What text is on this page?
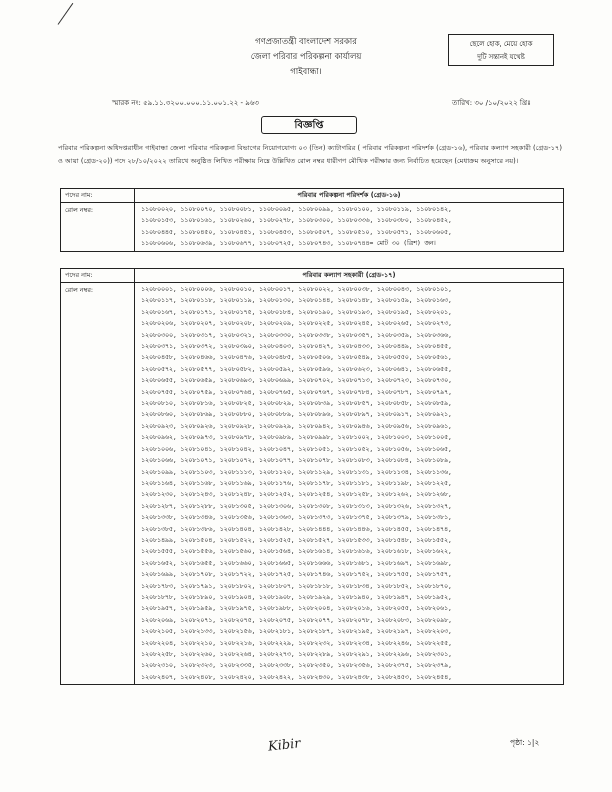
গণপ্রজাতন্ত্রী বাংলাদেশ সরকার
জেলা পরিবার পরিকল্পনা কার্যালয়
গাইবান্ধা।
ছেলে হোক, মেয়ে হোক
দুটি সন্তানই যথেষ্ট
স্মারক নং: ৫৯.১১.৩২০০.০০০.১১.০০১.২২ - ৯৬৩	তারিখ: ৩০ /১০/২০২২ খ্রিঃ
বিজ্ঞপ্তি
পরিবার পরিকল্পনা অধিদপ্তরাধীন গাইবান্ধা জেলা পরিবার পরিকল্পনা বিভাগের নিয়োগযোগ্য ০৩ (তিন) ক্যাটাগরির ( পরিবার পরিকল্পনা পরিদর্শক (গ্রেড-১৬), পরিবার কল্যাণ সহকারী (গ্রেড-১৭) ও আয়া (গ্রেড-২০)) পদে ২৮/১০/২০২২ তারিখে অনুষ্ঠিত লিখিত পরীক্ষায় নিম্নে উল্লিখিত রোল নম্বর ধারীগণ মৌখিক পরীক্ষার জন্য নির্বাচিত হয়েছেন (মেধাক্রম অনুসারে নয়)।
পদের নাম:	পরিবার পরিকল্পনা পরিদর্শক (গ্রেড-১৬)
রোল নম্বর:	১১০৮০০২০, ১১০৮০০৭০, ১১০৮০০৮১, ১১০৮০০৯৫, ১১০৮০০৯৯, ১১০৮০১০০, ১১০৮০১১৯, ১১০৮০১৪২,
১১০৮০১৫৩, ১১০৮০১৬১, ১১০৮০২৬০, ১১০৮০২৭৮, ১১০৮০৩০০, ১১০৮০৩৩৬, ১১০৮০৩৮০, ১১০৮০৪৫২,
১১০৮০৪৪৫, ১১০৮০৪৫০, ১১০৮০৪৫১, ১১০৮০৪৫৩, ১১০৮০৫০৭, ১১০৮০৫১০, ১১০৮০৫৭১, ১১০৮০৬০৫,
১১০৮০৬০৬, ১১০৮০৬৩৯, ১১০৮০৬৭৭, ১১০৮০৭২৫, ১১০৮০৭৪৩, ১১০৮০৭৪৪= মোট ৩০ (ত্রিশ) জন।
পদের নাম:	পরিবার কল্যাণ সহকারী (গ্রেড-১৭)
রোল নম্বর:	১২০৮০০০১, ১২০৮০০০৬, ১২০৮০০১০, ১২০৮০০১৭, ১২০৮০০২২, ১২০৮০০৩৮, ১২০৮০০৪৩, ১২০৮০১০১,
১২০৮০১১৭, ১২০৮০১১৮, ১২০৮০১১৯, ১২০৮০১৩০, ১২০৮০১৪৪, ১২০৮০১৪৮, ১২০৮০১৫৯, ১২০৮০১৬৩,
১২০৮০১৬৭, ১২০৮০১৭১, ১২০৮০১৭৫, ১২০৮০১৮৪, ১২০৮০১৯০, ১২০৮০১৯৩, ১২০৮০১৯৫, ১২০৮০২০১,
১২০৮০২০৬, ১২০৮০২০৭, ১২০৮০২০৮, ১২০৮০২০৯, ১২০৮০২২৫, ১২০৮০২৪৫, ১২০৮০২৬৫, ১২০৮০২৭৩,
১২০৮০৩০০, ১২০৮০৩১৭, ১২০৮০৩২১, ১২০৮০৩৩০, ১২০৮০৩৩৮, ১২০৮০৩৫৭, ১২০৮০৩৫৯, ১২০৮০৩৬৬,
১২০৮০৩৭১, ১২০৮০৩৭২, ১২০৮০৩৯০, ১২০৮০৪০৩, ১২০৮০৪২৭, ১২০৮০৪৩৩, ১২০৮০৪৪৯, ১২০৮০৪৫৫,
১২০৮০৪৫৮, ১২০৮০৪৬৬, ১২০৮০৪৭৬, ১২০৮০৪৮৫, ১২০৮০৫০৬, ১২০৮০৫৪৯, ১২০৮০৫৫০, ১২০৮০৫৬১,
১২০৮০৫৭২, ১২০৮০৫৭৭, ১২০৮০৫৮২, ১২০৮০৫৯২, ১২০৮০৫৯৬, ১২০৮০৬২৩, ১২০৮০৬৪১, ১২০৮০৬৫৫,
১২০৮০৬৫৫, ১২০৮০৬৫৯, ১২০৮০৬৯৩, ১২০৮০৬৯৯, ১২০৮০৭০২, ১২০৮০৭১৩, ১২০৮০৭২৩, ১২০৮০৭৩০,
১২০৮০৭৫৫, ১২০৮০৭৫৯, ১২০৮০৭৬৪, ১২০৮০৭৬৫, ১২০৮০৭৬৭, ১২০৮০৭৮৪, ১২০৮০৭৮৭, ১২০৮০৭৯৭,
১২০৮০৮১০, ১২০৮০৮১৬, ১২০৮০৮২৫, ১২০৮০৮২৯, ১২০৮০৮৩৯, ১২০৮০৮৫৭, ১২০৮০৮৫৮, ১২০৮০৮৫৯,
১২০৮০৮৬০, ১২০৮০৮৬৯, ১২০৮০৮৮০, ১২০৮০৮৮৯, ১২০৮০৮৯৬, ১২০৮০৮৯৭, ১২০৮০৯১৭, ১২০৮০৯২১,
১২০৮০৯২৩, ১২০৮০৯২৬, ১২০৮০৯২৮, ১২০৮০৯২৯, ১২০৮০৯৪২, ১২০৮০৯৪৬, ১২০৮০৯৫৬, ১২০৮০৯৬১,
১২০৮০৯৬২, ১২০৮০৯৭৩, ১২০৮০৯৭৮, ১২০৮০৯৮৯, ১২০৮০৯৯৮, ১২০৮১০০২, ১২০৮১০০৩, ১২০৮১০০৫,
১২০৮১০০৬, ১২০৮১০৪১, ১২০৮১০৪২, ১২০৮১০৪৭, ১২০৮১০৫১, ১২০৮১০৫২, ১২০৮১০৫৬, ১২০৮১০৬৫,
১২০৮১০৬৬, ১২০৮১০৭১, ১২০৮১০৭২, ১২০৮১০৭৭, ১২০৮১০৭৮, ১২০৮১০৮৩, ১২০৮১০৮৪, ১২০৮১০৮৯,
১২০৮১০৯৯, ১২০৮১১০৩, ১২০৮১১১৩, ১২০৮১১২০, ১২০৮১১২৯, ১২০৮১১৩১, ১২০৮১১৩৪, ১২০৮১১৩৬,
১২০৮১১৬৪, ১২০৮১১৬৮, ১২০৮১১৬৯, ১২০৮১১৭৬, ১২০৮১১৭৮, ১২০৮১১৮১, ১২০৮১১৯৮, ১২০৮১২২৫,
১২০৮১২৩০, ১২০৮১২৪৩, ১২০৮১২৪৮, ১২০৮১২৫২, ১২০৮১২৫৪, ১২০৮১২৫৮, ১২০৮১২৬২, ১২০৮১২৬৮,
১২০৮১২৮৭, ১২০৮১২৮৮, ১২০৮১৩০৫, ১২০৮১৩০৬, ১২০৮১৩০৮, ১২০৮১৩১৩, ১২০৮১৩২৬, ১২০৮১৩২৭,
১২০৮১৩৩৮, ১২০৮১৩৪৬, ১২০৮১৩৫৬, ১২০৮১৩৬৩, ১২০৮১৩৭৩, ১২০৮১৩৭৫, ১২০৮১৩৭৯, ১২০৮১৩৮১,
১২০৮১৩৮৫, ১২০৮১৩৮৬, ১২০৮১৪০৪, ১২০৮১৪২৮, ১২০৮১৪৪৪, ১২০৮১৪৪৬, ১২০৮১৪৫৫, ১২০৮১৪৭৪,
১২০৮১৪৯৯, ১২০৮১৫০৪, ১২০৮১৫২২, ১২০৮১৫২৫, ১২০৮১৫২৭, ১২০৮১৫৩৩, ১২০৮১৫৪৮, ১২০৮১৫৫২,
১২০৮১৫৫৫, ১২০৮১৫৫৬, ১২০৮১৫৬০, ১২০৮১৫৬৪, ১২০৮১৬১৪, ১২০৮১৬১৬, ১২০৮১৬১৮, ১২০৮১৬২২,
১২০৮১৬৫২, ১২০৮১৬৫৫, ১২০৮১৬৬০, ১২০৮১৬৬৫, ১২০৮১৬৬৬, ১২০৮১৬৮১, ১২০৮১৬৯৭, ১২০৮১৬৯৮,
১২০৮১৬৯৯, ১২০৮১৭০৮, ১২০৮১৭২২, ১২০৮১৭২৫, ১২০৮১৭৪৬, ১২০৮১৭৫২, ১২০৮১৭৫৫, ১২০৮১৭৫৭,
১২০৮১৭৮৩, ১২০৮১৭৯১, ১২০৮১৮০২, ১২০৮১৮০৭, ১২০৮১৮১৮, ১২০৮১৮৩৪, ১২০৮১৮৫২, ১২০৮১৮৭০,
১২০৮১৮৭৮, ১২০৮১৮৯০, ১২০৮১৯০৪, ১২০৮১৯০৮, ১২০৮১৯২৯, ১২০৮১৯৪০, ১২০৮১৯৪৭, ১২০৮১৯৫২,
১২০৮১৯৫৭, ১২০৮১৯৫৯, ১২০৮১৯৭৫, ১২০৮১৯৮৮, ১২০৮২০০৪, ১২০৮২০১৬, ১২০৮২০৫৫, ১২০৮২০৬১,
১২০৮২০৬৯, ১২০৮২০৭১, ১২০৮২০৭৫, ১২০৮২০৭৫, ১২০৮২০৭৭, ১২০৮২০৭৮, ১২০৮২০৮৩, ১২০৮২০৯৮,
১২০৮২১০৫, ১২০৮২১৩৩, ১২০৮২১৫৬, ১২০৮২১৮১, ১২০৮২১৮৭, ১২০৮২১৯৫, ১২০৮২১৯৭, ১২০৮২২০৩,
১২০৮২২০৪, ১২০৮২২১০, ১২০৮২২১৬, ১২০৮২২২৯, ১২০৮২২৩২, ১২০৮২২৩৪, ১২০৮২২৪৬, ১২০৮২২৫৫,
১২০৮২২৫৮, ১২০৮২২৬০, ১২০৮২২৬৪, ১২০৮২২৭৩, ১২০৮২২৮৯, ১২০৮২২৯১, ১২০৮২২৯৬, ১২০৮২৩০১,
১২০৮২৩১০, ১২০৮২৩২৩, ১২০৮২৩৩৫, ১২০৮২৩৩৮, ১২০৮২৩৫০, ১২০৮২৩৫৬, ১২০৮২৩৭৫, ১২০৮২৩৭৯,
১২০৮২৪০৭, ১২০৮২৪০৮, ১২০৮২৪২০, ১২০৮২৪২২, ১২০৮২৪৩০, ১২০৮২৪৩৮, ১২০৮২৪৫৩, ১২০৮২৪৫৪,
Kibir	পৃষ্ঠা: ১|২
